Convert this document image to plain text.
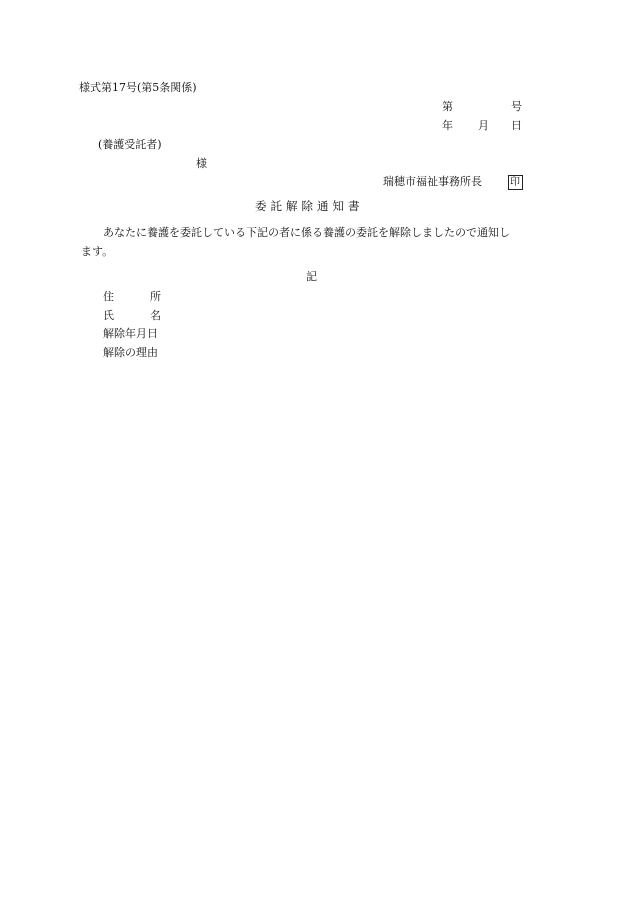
様式第17号(第5条関係)
第	号
年 月 日
(養護受託者)
様
瑞穂市福祉事務所長	印
委託解除通知書
あなたに養護を委託している下記の者に係る養護の委託を解除しましたので通知し
ます。
記
住所
氏名
解除年月日
解除の理由
